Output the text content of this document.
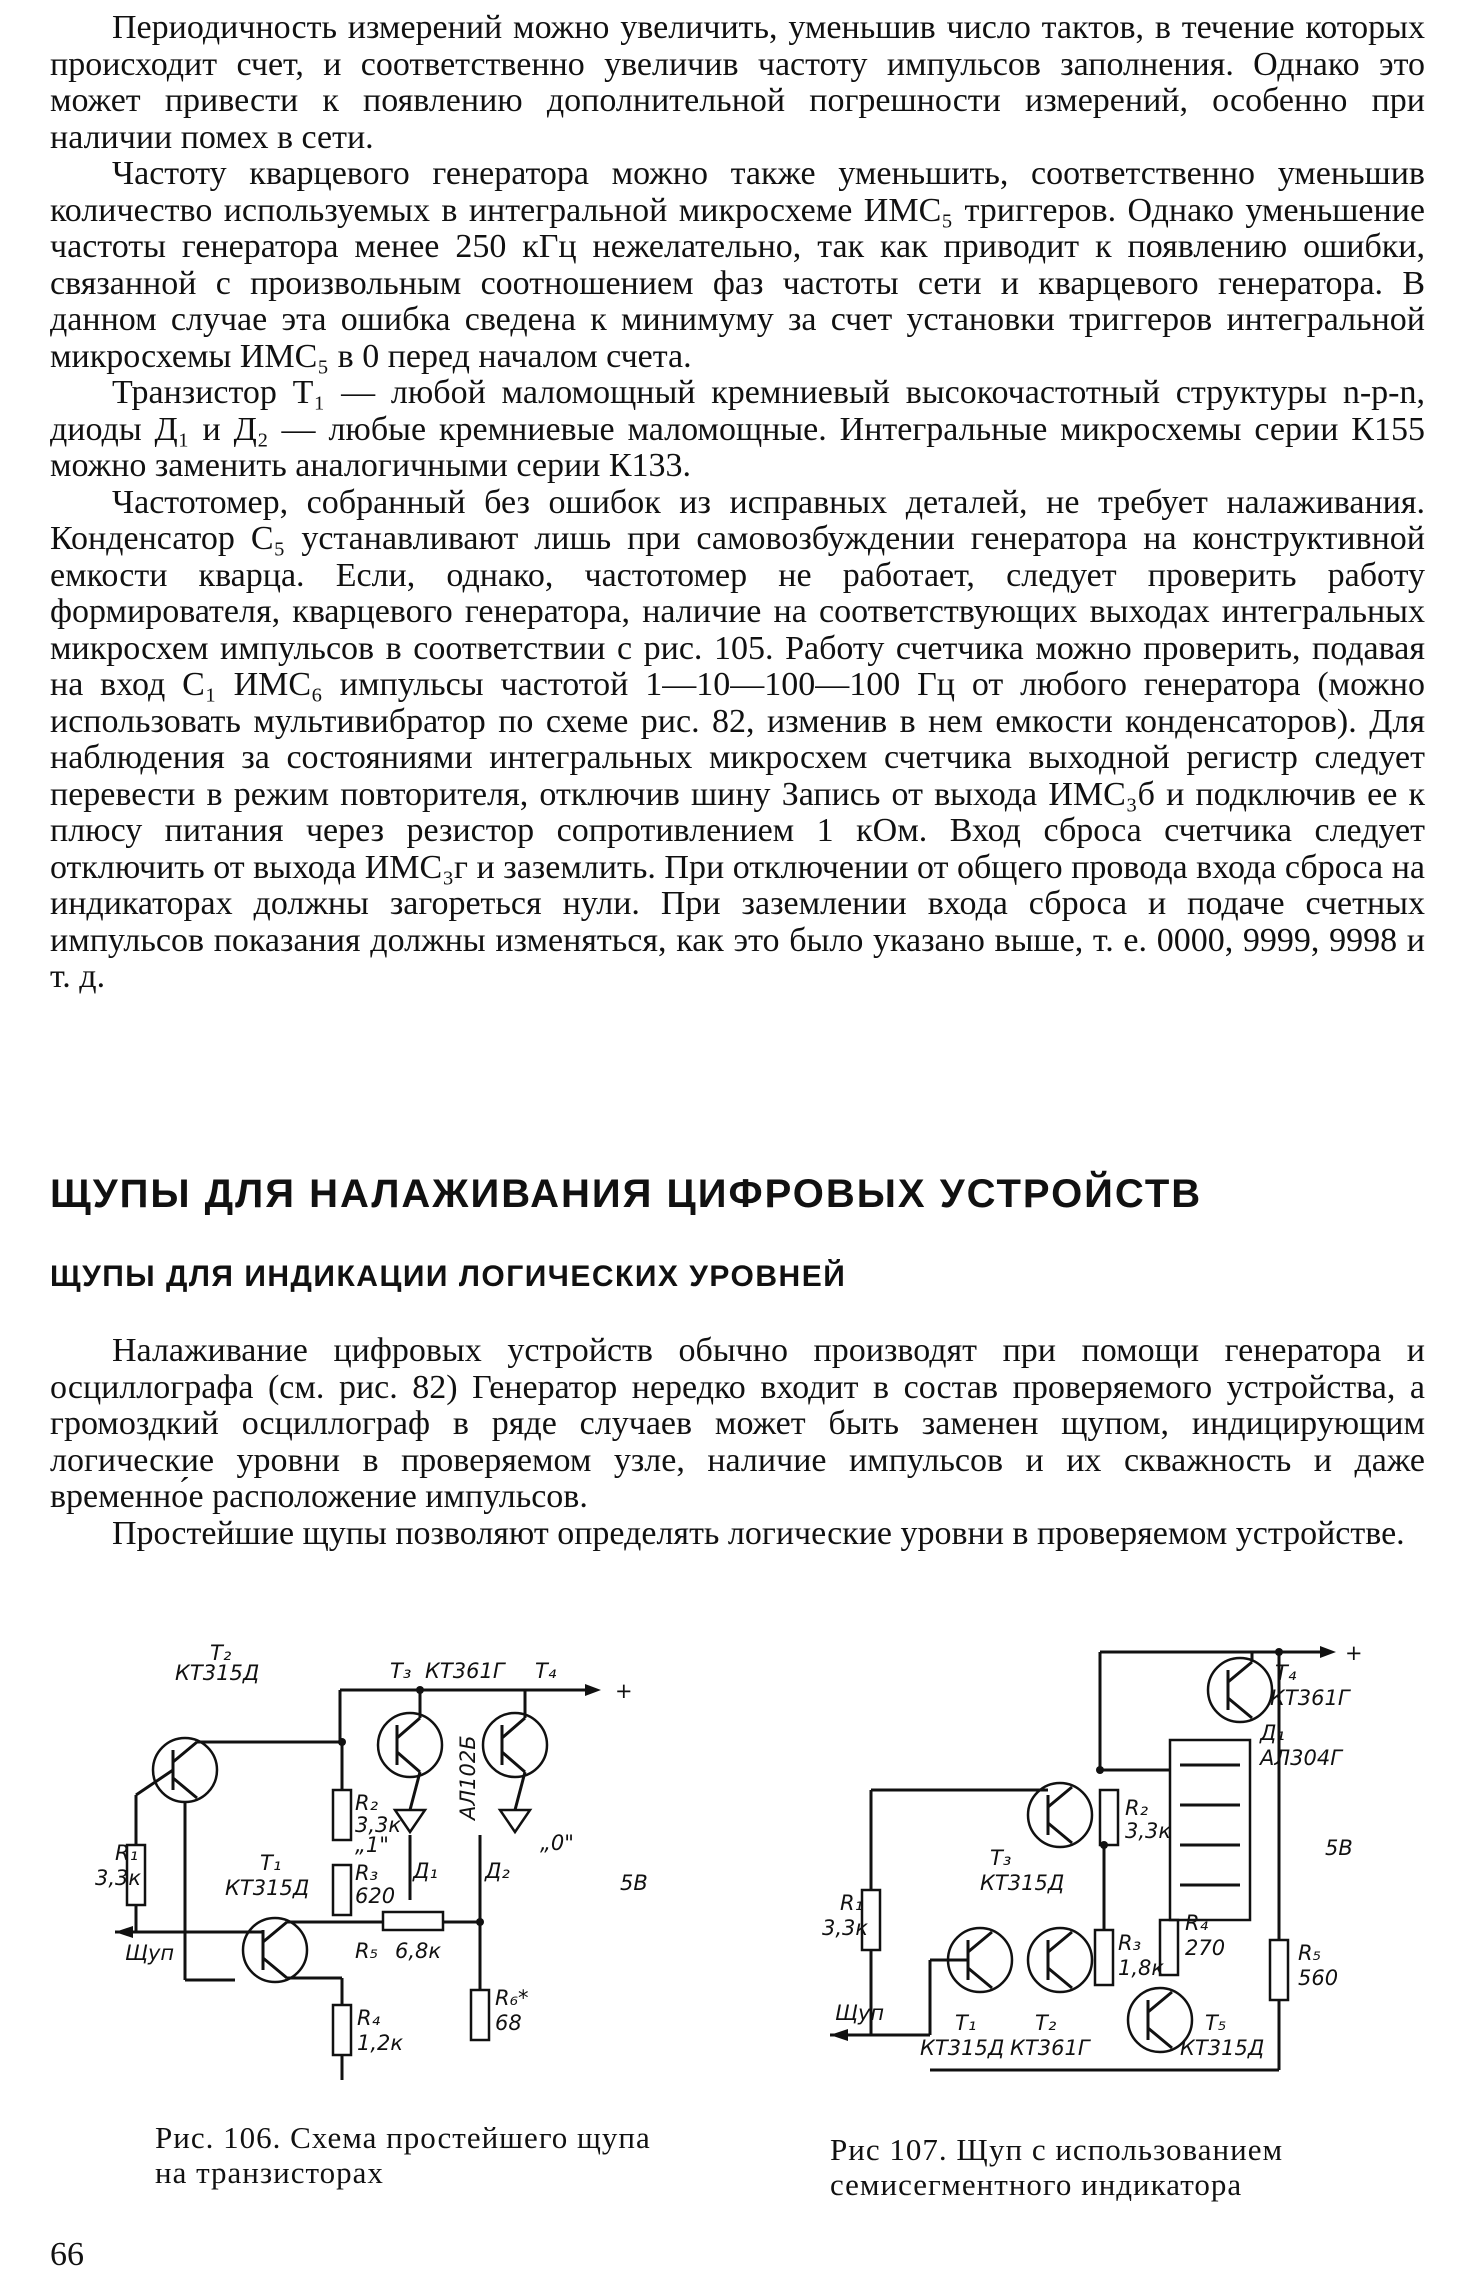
Периодичность измерений можно увеличить, уменьшив число тактов, в течение которых происходит счет, и соответственно увеличив частоту импульсов заполнения. Однако это может привести к появлению дополнительной погрешности измерений, особенно при наличии помех в сети.

Частоту кварцевого генератора можно также уменьшить, соответственно уменьшив количество используемых в интегральной микросхеме ИМС₅ триггеров. Однако уменьшение частоты генератора менее 250 кГц нежелательно, так как приводит к появлению ошибки, связанной с произвольным соотношением фаз частоты сети и кварцевого генератора. В данном случае эта ошибка сведена к минимуму за счет установки триггеров интегральной микросхемы ИМС₅ в 0 перед началом счета.

Транзистор T₁ — любой маломощный кремниевый высокочастотный структуры n-p-n, диоды Д₁ и Д₂ — любые кремниевые маломощные. Интегральные микросхемы серии К155 можно заменить аналогичными серии К133.

Частотомер, собранный без ошибок из исправных деталей, не требует налаживания. Конденсатор C₅ устанавливают лишь при самовозбуждении генератора на конструктивной емкости кварца. Если, однако, частотомер не работает, следует проверить работу формирователя, кварцевого генератора, наличие на соответствующих выходах интегральных микросхем импульсов в соответствии с рис. 105. Работу счетчика можно проверить, подавая на вход C₁ ИМС₆ импульсы частотой 1—10—100—100 Гц от любого генератора (можно использовать мультивибратор по схеме рис. 82, изменив в нем емкости конденсаторов). Для наблюдения за состояниями интегральных микросхем счетчика выходной регистр следует перевести в режим повторителя, отключив шину Запись от выхода ИМС₃б и подключив ее к плюсу питания через резистор сопротивлением 1 кОм. Вход сброса счетчика следует отключить от выхода ИМС₃г и заземлить. При отключении от общего провода входа сброса на индикаторах должны загореться нули. При заземлении входа сброса и подаче счетных импульсов показания должны изменяться, как это было указано выше, т. е. 0000, 9999, 9998 и т. д.

ЩУПЫ ДЛЯ НАЛАЖИВАНИЯ ЦИФРОВЫХ УСТРОЙСТВ
ЩУПЫ ДЛЯ ИНДИКАЦИИ ЛОГИЧЕСКИХ УРОВНЕЙ

Налаживание цифровых устройств обычно производят при помощи генератора и осциллографа (см. рис. 82) Генератор нередко входит в состав проверяемого устройства, а громоздкий осциллограф в ряде случаев может быть заменен щупом, индицирующим логические уровни в проверяемом узле, наличие импульсов и их скважность и даже временно́е расположение импульсов.

Простейшие щупы позволяют определять логические уровни в проверяемом устройстве.

T₂
КТ315Д	T₃ КТ361Г T₄
+
R₁
3,3к
T₁
КТ315Д
R₂
3,3к
R₃
620
„1"	„0"
АЛ102Б
Д₁ Д₂	5В
Щуп	R₅ 6,8к
R₄
1,2к
R₆*
68
Рис. 106. Схема простейшего щупа на транзисторах
+
T₄
КТ361Г
Д₁
АЛ304Г
T₃
КТ315Д
R₂
3,3к
5В
R₁
3,3к	R₄
270	R₅
560
R₃
1,8к
Щуп	T₁
КТ315Д
T₂
КТ361Г
T₅
КТ315Д
Рис 107. Щуп с использованием семисегментного индикатора
66
